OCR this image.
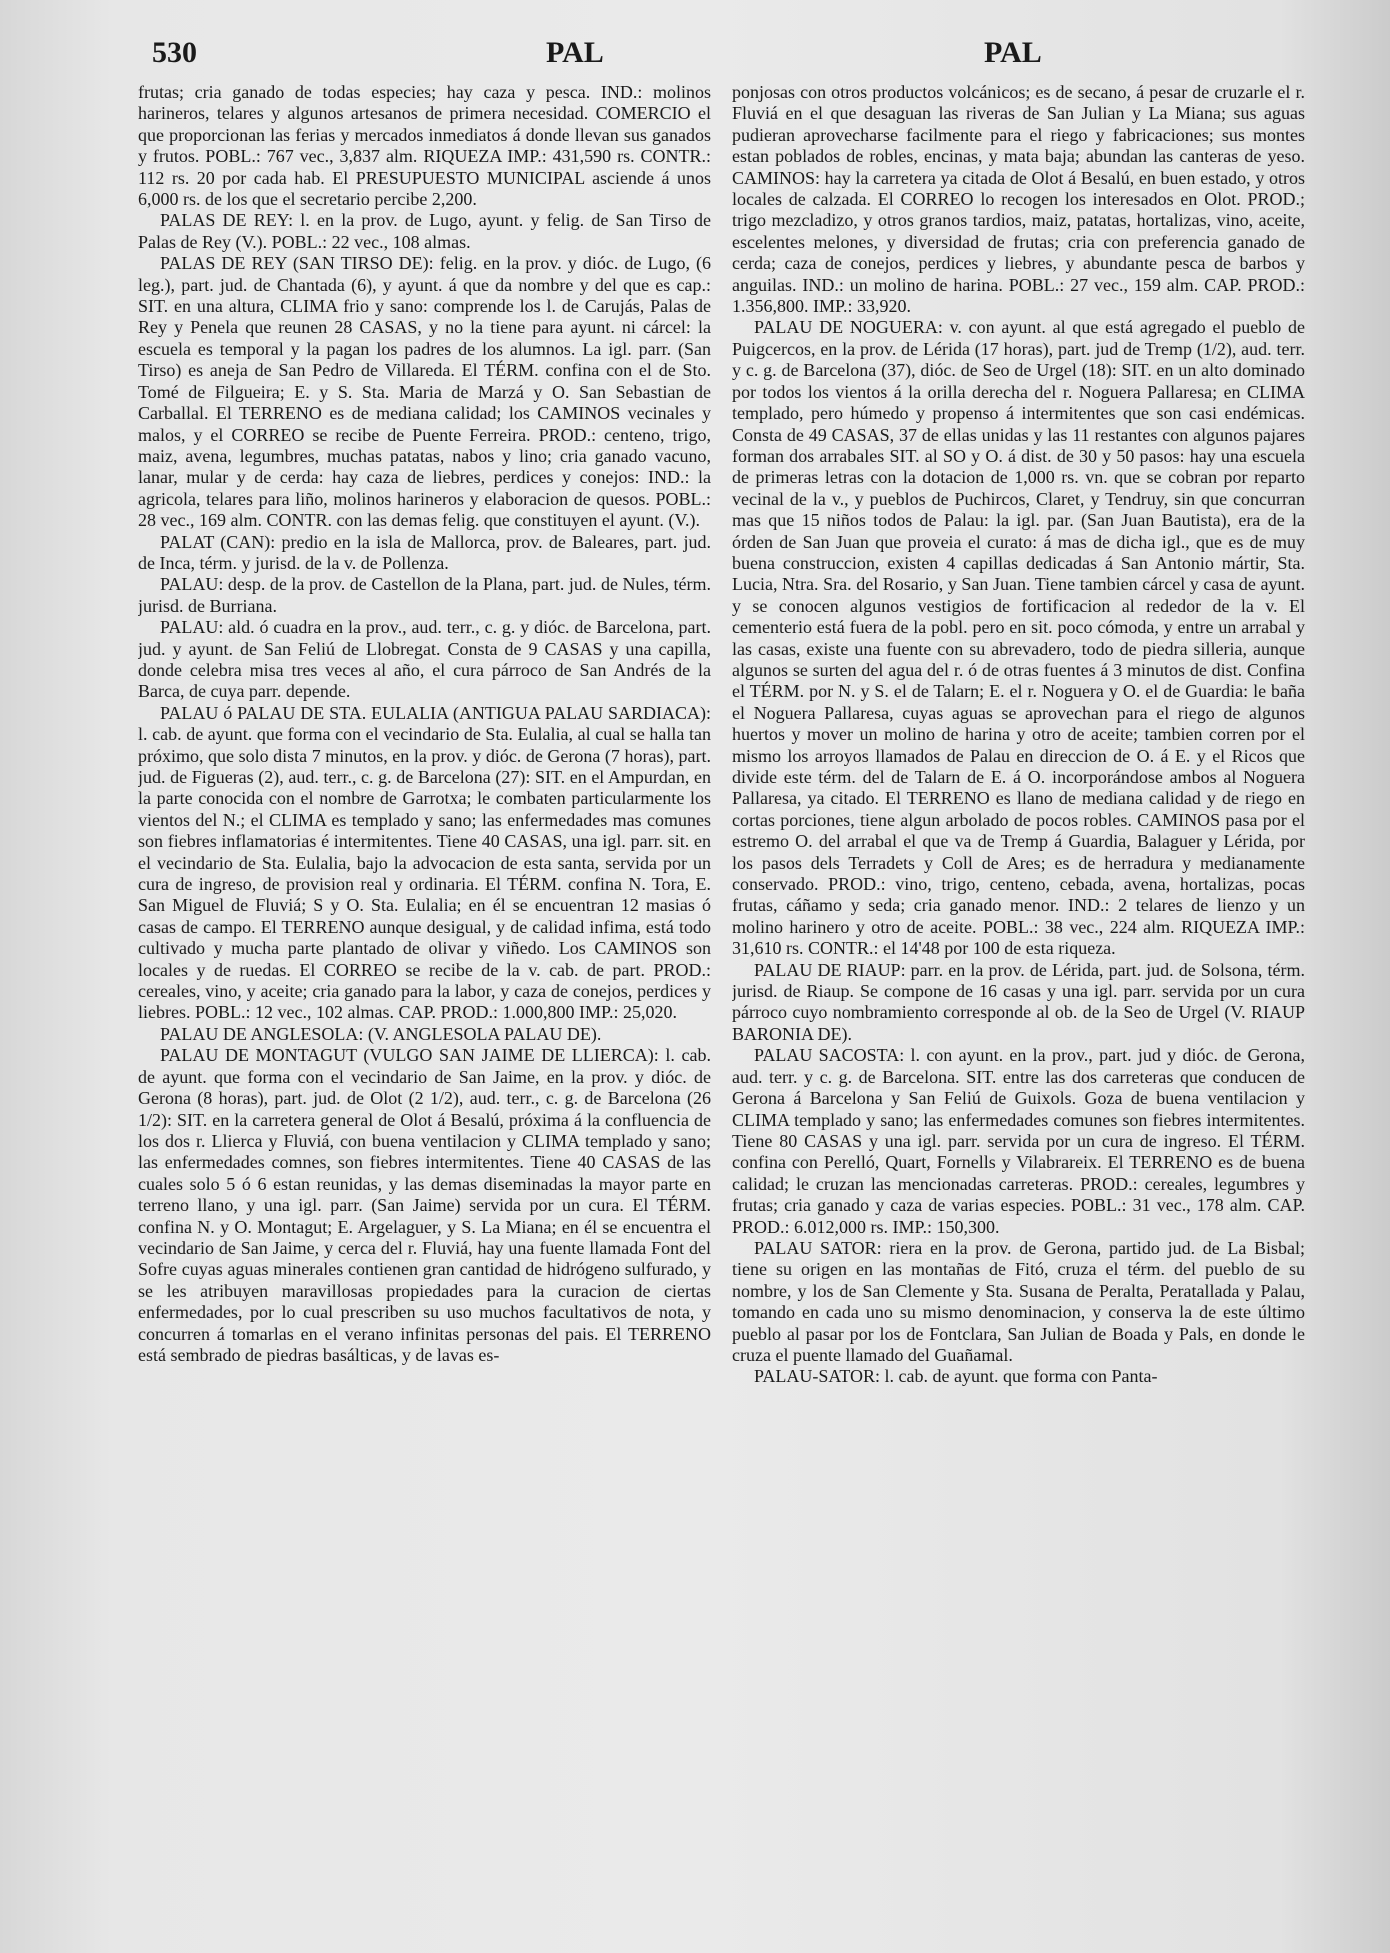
530	PAL	PAL

frutas; cria ganado de todas especies; hay caza y pesca. IND.: molinos harineros, telares y algunos artesanos de primera necesidad. COMERCIO el que proporcionan las ferias y mercados inmediatos á donde llevan sus ganados y frutos. POBL.: 767 vec., 3,837 alm. RIQUEZA IMP.: 431,590 rs. CONTR.: 112 rs. 20 por cada hab. El PRESUPUESTO MUNICIPAL asciende á unos 6,000 rs. de los que el secretario percibe 2,200.

PALAS DE REY: l. en la prov. de Lugo, ayunt. y felig. de San Tirso de Palas de Rey (V.). POBL.: 22 vec., 108 almas.

PALAS DE REY (SAN TIRSO DE): felig. en la prov. y dióc. de Lugo, (6 leg.), part. jud. de Chantada (6), y ayunt. á que da nombre y del que es cap.: SIT. en una altura, CLIMA frio y sano: comprende los l. de Carujás, Palas de Rey y Penela que reunen 28 CASAS, y no la tiene para ayunt. ni cárcel: la escuela es temporal y la pagan los padres de los alumnos. La igl. parr. (San Tirso) es aneja de San Pedro de Villareda. El TÉRM. confina con el de Sto. Tomé de Filgueira; E. y S. Sta. Maria de Marzá y O. San Sebastian de Carballal. El TERRENO es de mediana calidad; los CAMINOS vecinales y malos, y el CORREO se recibe de Puente Ferreira. PROD.: centeno, trigo, maiz, avena, legumbres, muchas patatas, nabos y lino; cria ganado vacuno, lanar, mular y de cerda: hay caza de liebres, perdices y conejos: IND.: la agricola, telares para liño, molinos harineros y elaboracion de quesos. POBL.: 28 vec., 169 alm. CONTR. con las demas felig. que constituyen el ayunt. (V.).

PALAT (CAN): predio en la isla de Mallorca, prov. de Baleares, part. jud. de Inca, térm. y jurisd. de la v. de Pollenza.

PALAU: desp. de la prov. de Castellon de la Plana, part. jud. de Nules, térm. jurisd. de Burriana.

PALAU: ald. ó cuadra en la prov., aud. terr., c. g. y dióc. de Barcelona, part. jud. y ayunt. de San Feliú de Llobregat. Consta de 9 CASAS y una capilla, donde celebra misa tres veces al año, el cura párroco de San Andrés de la Barca, de cuya parr. depende.

PALAU ó PALAU DE STA. EULALIA (ANTIGUA PALAU SARDIACA): l. cab. de ayunt. que forma con el vecindario de Sta. Eulalia, al cual se halla tan próximo, que solo dista 7 minutos, en la prov. y dióc. de Gerona (7 horas), part. jud. de Figueras (2), aud. terr., c. g. de Barcelona (27): SIT. en el Ampurdan, en la parte conocida con el nombre de Garrotxa; le combaten particularmente los vientos del N.; el CLIMA es templado y sano; las enfermedades mas comunes son fiebres inflamatorias é intermitentes. Tiene 40 CASAS, una igl. parr. sit. en el vecindario de Sta. Eulalia, bajo la advocacion de esta santa, servida por un cura de ingreso, de provision real y ordinaria. El TÉRM. confina N. Tora, E. San Miguel de Fluviá; S y O. Sta. Eulalia; en él se encuentran 12 masias ó casas de campo. El TERRENO aunque desigual, y de calidad infima, está todo cultivado y mucha parte plantado de olivar y viñedo. Los CAMINOS son locales y de ruedas. El CORREO se recibe de la v. cab. de part. PROD.: cereales, vino, y aceite; cria ganado para la labor, y caza de conejos, perdices y liebres. POBL.: 12 vec., 102 almas. CAP. PROD.: 1.000,800 IMP.: 25,020.

PALAU DE ANGLESOLA: (V. ANGLESOLA PALAU DE).

PALAU DE MONTAGUT (VULGO SAN JAIME DE LLIERCA): l. cab. de ayunt. que forma con el vecindario de San Jaime, en la prov. y dióc. de Gerona (8 horas), part. jud. de Olot (2 1/2), aud. terr., c. g. de Barcelona (26 1/2): SIT. en la carretera general de Olot á Besalú, próxima á la confluencia de los dos r. Llierca y Fluviá, con buena ventilacion y CLIMA templado y sano; las enfermedades comnes, son fiebres intermitentes. Tiene 40 CASAS de las cuales solo 5 ó 6 estan reunidas, y las demas diseminadas la mayor parte en terreno llano, y una igl. parr. (San Jaime) servida por un cura. El TÉRM. confina N. y O. Montagut; E. Argelaguer, y S. La Miana; en él se encuentra el vecindario de San Jaime, y cerca del r. Fluviá, hay una fuente llamada Font del Sofre cuyas aguas minerales contienen gran cantidad de hidrógeno sulfurado, y se les atribuyen maravillosas propiedades para la curacion de ciertas enfermedades, por lo cual prescriben su uso muchos facultativos de nota, y concurren á tomarlas en el verano infinitas personas del pais. El TERRENO está sembrado de piedras basálticas, y de lavas es-

ponjosas con otros productos volcánicos; es de secano, á pesar de cruzarle el r. Fluviá en el que desaguan las riveras de San Julian y La Miana; sus aguas pudieran aprovecharse facilmente para el riego y fabricaciones; sus montes estan poblados de robles, encinas, y mata baja; abundan las canteras de yeso. CAMINOS: hay la carretera ya citada de Olot á Besalú, en buen estado, y otros locales de calzada. El CORREO lo recogen los interesados en Olot. PROD.; trigo mezcladizo, y otros granos tardios, maiz, patatas, hortalizas, vino, aceite, escelentes melones, y diversidad de frutas; cria con preferencia ganado de cerda; caza de conejos, perdices y liebres, y abundante pesca de barbos y anguilas. IND.: un molino de harina. POBL.: 27 vec., 159 alm. CAP. PROD.: 1.356,800. IMP.: 33,920.

PALAU DE NOGUERA: v. con ayunt. al que está agregado el pueblo de Puigcercos, en la prov. de Lérida (17 horas), part. jud de Tremp (1/2), aud. terr. y c. g. de Barcelona (37), dióc. de Seo de Urgel (18): SIT. en un alto dominado por todos los vientos á la orilla derecha del r. Noguera Pallaresa; en CLIMA templado, pero húmedo y propenso á intermitentes que son casi endémicas. Consta de 49 CASAS, 37 de ellas unidas y las 11 restantes con algunos pajares forman dos arrabales SIT. al SO y O. á dist. de 30 y 50 pasos: hay una escuela de primeras letras con la dotacion de 1,000 rs. vn. que se cobran por reparto vecinal de la v., y pueblos de Puchircos, Claret, y Tendruy, sin que concurran mas que 15 niños todos de Palau: la igl. par. (San Juan Bautista), era de la órden de San Juan que proveia el curato: á mas de dicha igl., que es de muy buena construccion, existen 4 capillas dedicadas á San Antonio mártir, Sta. Lucia, Ntra. Sra. del Rosario, y San Juan. Tiene tambien cárcel y casa de ayunt. y se conocen algunos vestigios de fortificacion al rededor de la v. El cementerio está fuera de la pobl. pero en sit. poco cómoda, y entre un arrabal y las casas, existe una fuente con su abrevadero, todo de piedra silleria, aunque algunos se surten del agua del r. ó de otras fuentes á 3 minutos de dist. Confina el TÉRM. por N. y S. el de Talarn; E. el r. Noguera y O. el de Guardia: le baña el Noguera Pallaresa, cuyas aguas se aprovechan para el riego de algunos huertos y mover un molino de harina y otro de aceite; tambien corren por el mismo los arroyos llamados de Palau en direccion de O. á E. y el Ricos que divide este térm. del de Talarn de E. á O. incorporándose ambos al Noguera Pallaresa, ya citado. El TERRENO es llano de mediana calidad y de riego en cortas porciones, tiene algun arbolado de pocos robles. CAMINOS pasa por el estremo O. del arrabal el que va de Tremp á Guardia, Balaguer y Lérida, por los pasos dels Terradets y Coll de Ares; es de herradura y medianamente conservado. PROD.: vino, trigo, centeno, cebada, avena, hortalizas, pocas frutas, cáñamo y seda; cria ganado menor. IND.: 2 telares de lienzo y un molino harinero y otro de aceite. POBL.: 38 vec., 224 alm. RIQUEZA IMP.: 31,610 rs. CONTR.: el 14'48 por 100 de esta riqueza.

PALAU DE RIAUP: parr. en la prov. de Lérida, part. jud. de Solsona, térm. jurisd. de Riaup. Se compone de 16 casas y una igl. parr. servida por un cura párroco cuyo nombramiento corresponde al ob. de la Seo de Urgel (V. RIAUP BARONIA DE).

PALAU SACOSTA: l. con ayunt. en la prov., part. jud y dióc. de Gerona, aud. terr. y c. g. de Barcelona. SIT. entre las dos carreteras que conducen de Gerona á Barcelona y San Feliú de Guixols. Goza de buena ventilacion y CLIMA templado y sano; las enfermedades comunes son fiebres intermitentes. Tiene 80 CASAS y una igl. parr. servida por un cura de ingreso. El TÉRM. confina con Perelló, Quart, Fornells y Vilabrareix. El TERRENO es de buena calidad; le cruzan las mencionadas carreteras. PROD.: cereales, legumbres y frutas; cria ganado y caza de varias especies. POBL.: 31 vec., 178 alm. CAP. PROD.: 6.012,000 rs. IMP.: 150,300.

PALAU SATOR: riera en la prov. de Gerona, partido jud. de La Bisbal; tiene su origen en las montañas de Fitó, cruza el térm. del pueblo de su nombre, y los de San Clemente y Sta. Susana de Peralta, Peratallada y Palau, tomando en cada uno su mismo denominacion, y conserva la de este último pueblo al pasar por los de Fontclara, San Julian de Boada y Pals, en donde le cruza el puente llamado del Guañamal.

PALAU-SATOR: l. cab. de ayunt. que forma con Panta-
